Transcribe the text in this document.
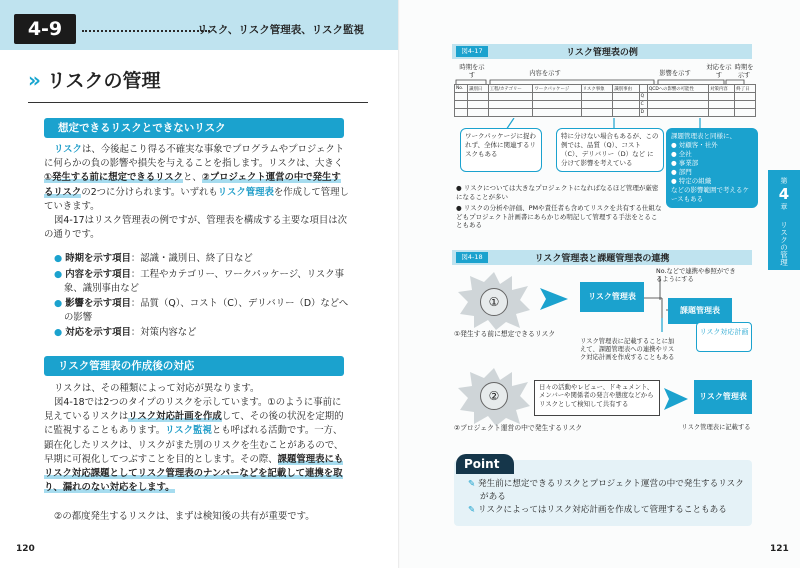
4-9	リスク、リスク管理表、リスク監視
» リスクの管理
想定できるリスクとできないリスク
リスクは、今後起こり得る不確実な事象でプログラムやプロジェクトに何らかの負の影響や損失を与えることを指します。リスクは、大きく①発生する前に想定できるリスクと、②プロジェクト運営の中で発生するリスクの2つに分けられます。いずれもリスク管理表を作成して管理していきます。
図4-17はリスク管理表の例ですが、管理表を構成する主要な項目は次の通りです。
● 時期を示す項目：認識・識別日、終了日など
● 内容を示す項目：工程やカテゴリー、ワークパッケージ、リスク事象、識別事由など
● 影響を示す項目：品質（Q）、コスト（C）、デリバリー（D）などへの影響
● 対応を示す項目：対策内容など
リスク管理表の作成後の対応
リスクは、その種類によって対応が異なります。
図4-18では2つのタイプのリスクを示しています。①のように事前に見えているリスクはリスク対応計画を作成して、その後の状況を定期的に監視することもあります。リスク監視とも呼ばれる活動です。一方、顕在化したリスクは、リスクがまた別のリスクを生むことがあるので、早期に可視化してつぶすことを目的とします。その際、課題管理表にもリスク対応課題としてリスク管理表のナンバーなどを記載して連携を取り、漏れのない対応をします。
②の都度発生するリスクは、まずは検知後の共有が重要です。
120
図4-17	リスク管理表の例
時期を示す	内容を示す	影響を示す
対応を示す
時期を示す
No.	識別日	工程/カテゴリー	ワークパッケージ	リスク事象	識別事由		QCDへの影響の可能性	対策内容	終了日
						Q			
						C			
						D			
ワークパッケージに捉われず、全体に関連するリスクもある
特に分けない場合もあるが、この例では、品質（Q）、コスト（C）、デリバリー（D）など に分けて影響を考えている
課題管理表と同様に、
● 対顧客・社外
● 全社
● 事業部
● 部門
● 特定の組織
などの影響範囲で考えるケースもある
● リスクについては大きなプロジェクトになればなるほど管理が厳密になることが多い
● リスクの分析や評価、PMや責任者も含めてリスクを共有する仕組などもプロジェクト計画書にあらかじめ明記して管理する手法をとることもある
図4-18	リスク管理表と課題管理表の連携
①	リスク管理表
No.などで連携や参照ができるようにする
課題管理表
リスク対応計画
①発生する前に想定できるリスク
リスク管理表に記載することに加えて、課題管理表への連携やリスク対応計画を作成することもある
②
日々の活動やレビュー、ドキュメント、メンバーや関係者の発言や態度などからリスクとして検知して共有する
リスク管理表
②プロジェクト運営の中で発生するリスク	リスク管理表に記載する
第
4
章
リスクの管理
Point
✎ 発生前に想定できるリスクとプロジェクト運営の中で発生するリスクがある
✎ リスクによってはリスク対応計画を作成して管理することもある
121
